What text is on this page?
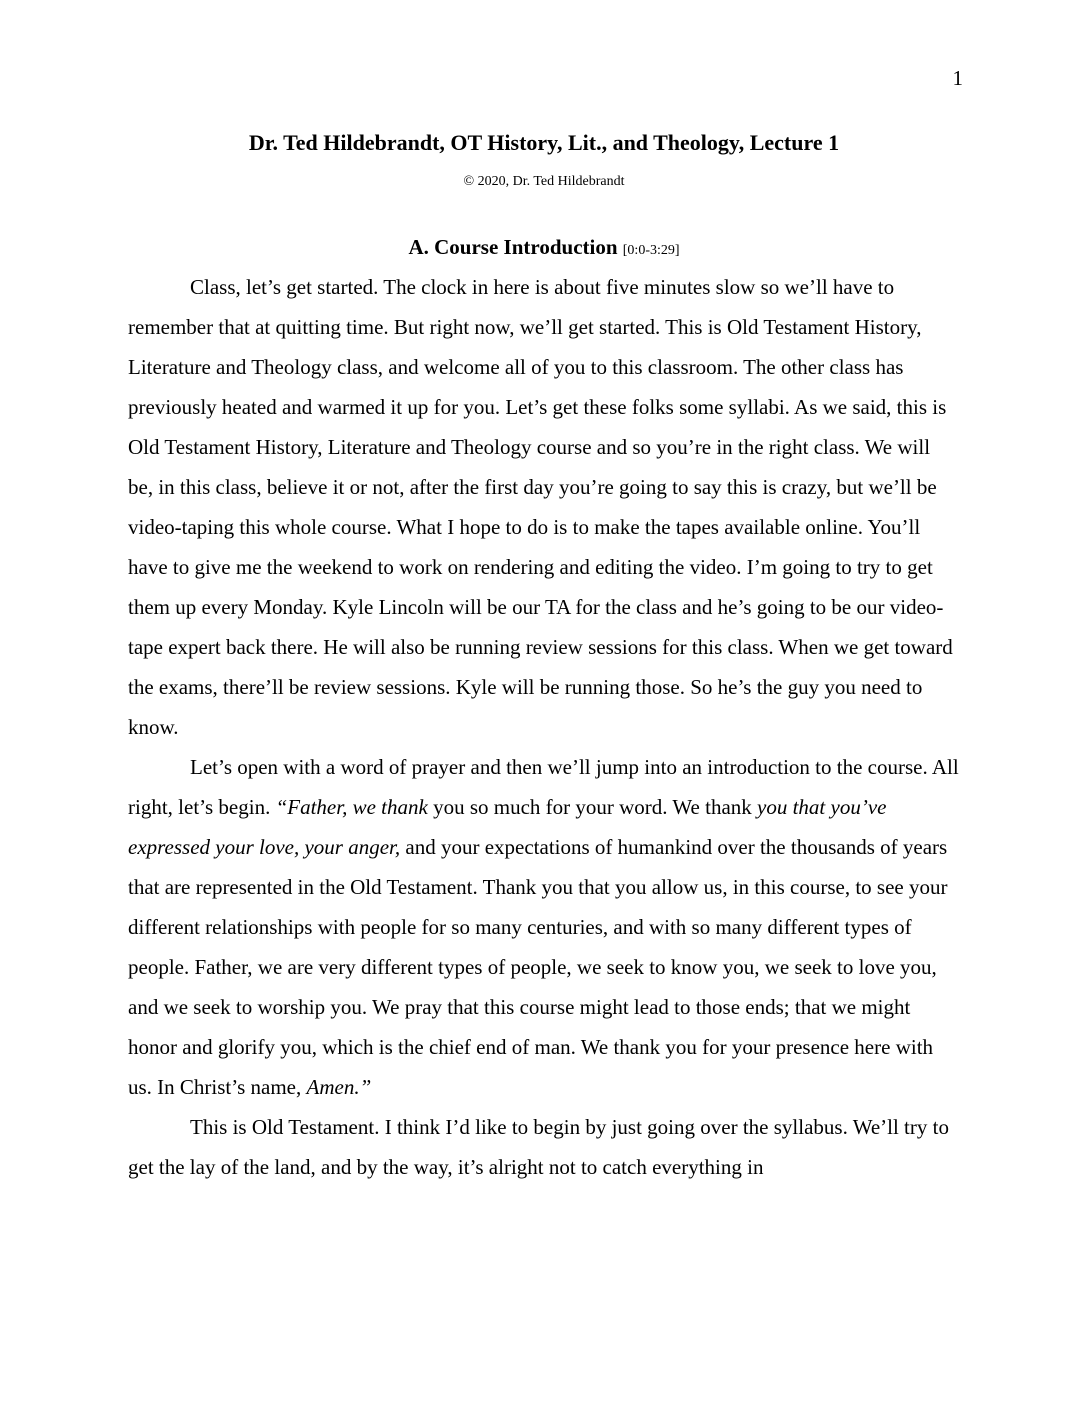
1
Dr. Ted Hildebrandt, OT History, Lit., and Theology, Lecture 1
© 2020, Dr. Ted Hildebrandt
A. Course Introduction [0:0-3:29]

Class, let’s get started. The clock in here is about five minutes slow so we’ll have to remember that at quitting time. But right now, we’ll get started. This is Old Testament History, Literature and Theology class, and welcome all of you to this classroom. The other class has previously heated and warmed it up for you. Let’s get these folks some syllabi. As we said, this is Old Testament History, Literature and Theology course and so you’re in the right class. We will be, in this class, believe it or not, after the first day you’re going to say this is crazy, but we’ll be video-taping this whole course. What I hope to do is to make the tapes available online. You’ll have to give me the weekend to work on rendering and editing the video. I’m going to try to get them up every Monday. Kyle Lincoln will be our TA for the class and he’s going to be our video-tape expert back there. He will also be running review sessions for this class. When we get toward the exams, there’ll be review sessions. Kyle will be running those. So he’s the guy you need to know.

Let’s open with a word of prayer and then we’ll jump into an introduction to the course. All right, let’s begin. “Father, we thank you so much for your word. We thank you that you’ve expressed your love, your anger, and your expectations of humankind over the thousands of years that are represented in the Old Testament. Thank you that you allow us, in this course, to see your different relationships with people for so many centuries, and with so many different types of people. Father, we are very different types of people, we seek to know you, we seek to love you, and we seek to worship you. We pray that this course might lead to those ends; that we might honor and glorify you, which is the chief end of man. We thank you for your presence here with us. In Christ’s name, Amen.”

This is Old Testament. I think I’d like to begin by just going over the syllabus. We’ll try to get the lay of the land, and by the way, it’s alright not to catch everything in
